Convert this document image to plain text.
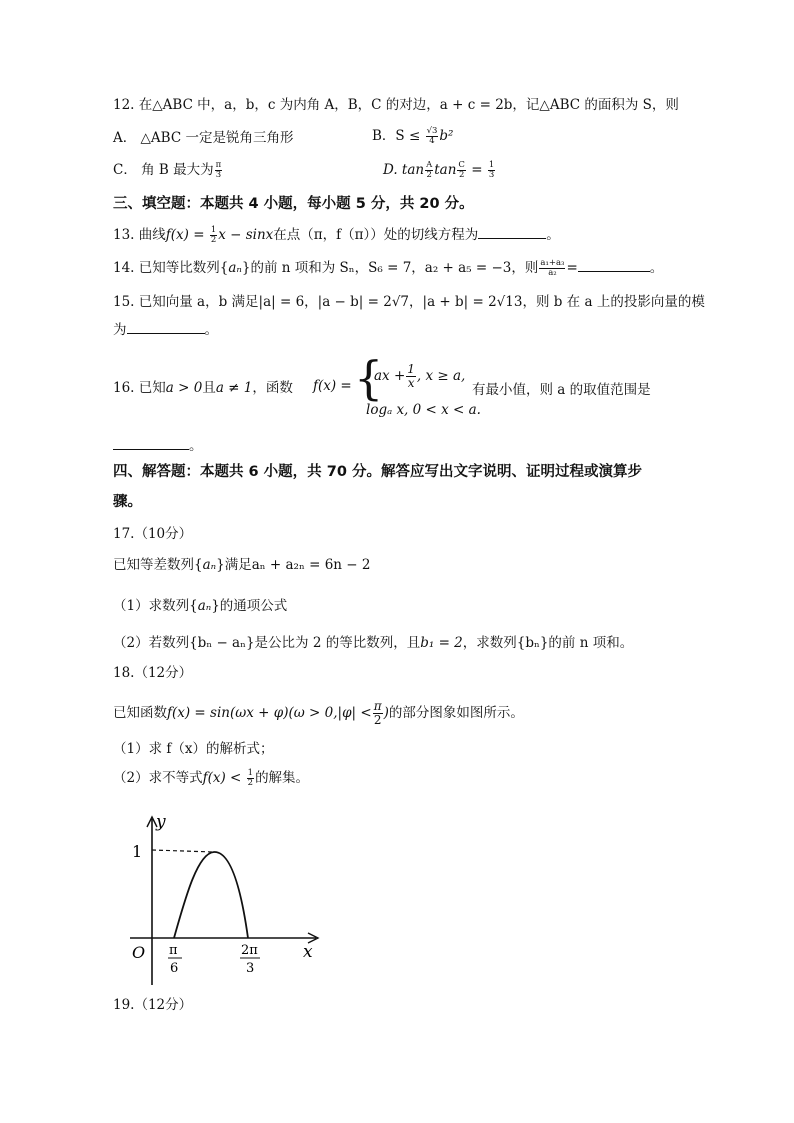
12. 在△ABC 中，a，b，c 为内角 A，B，C 的对边，a + c = 2b，记△ABC 的面积为 S，则
A． △ABC 一定是锐角三角形	B．$S \le \frac{√3}{4} b^2$
C． 角 B 最大为 $\frac{\pi}{3}$	D. $\tan \frac{A}{2}$ $\tan \frac{C}{2} = \frac{1}{3}$
三、填空题：本题共 4 小题，每小题 5 分，共 20 分。
13. 曲线$f(x) = \frac{1}{2}$ x − sinx在点（π，f（π））处的切线方程为	。
14. 已知等比数列{aₙ}的前 n 项和为 Sₙ，S₆ = 7，a₂ + a₅ = −3，则 $\frac{\text{a₁+a₃}}{\text{a₂}}$ =	。
15. 已知向量 a，b 满足|a| = 6，|a − b| = 2√7，|a + b| = 2√13，则 b 在 a 上的投影向量的模
为	。
16. 已知a > 0且a ≠ 1，函数 f(x) = {
ax + $\frac{1}{x}$ , x ≥ a,
logₐ x, 0 < x < a.
有最小值，则 a 的取值范围是
。
四、解答题：本题共 6 小题，共 70 分。解答应写出文字说明、证明过程或演算步
骤。
17.（10分）
已知等差数列{aₙ}满足aₙ + a₂ₙ = 6n − 2
（1）求数列{aₙ}的通项公式
（2）若数列{bₙ − aₙ}是公比为 2 的等比数列，且b₁ = 2，求数列{bₙ}的前 n 项和。
18.（12分）
已知函数$f(x) = \sin(\omega x + \varphi)(\omega > 0,|\varphi| < \frac{\pi}{2}$ )的部分图象如图所示。
（1）求 f（x）的解析式；
（2）求不等式$f(x) < \frac{1}{2}$ 的解集。
y
x
O
1
π
6
2π
3
19.（12分）
